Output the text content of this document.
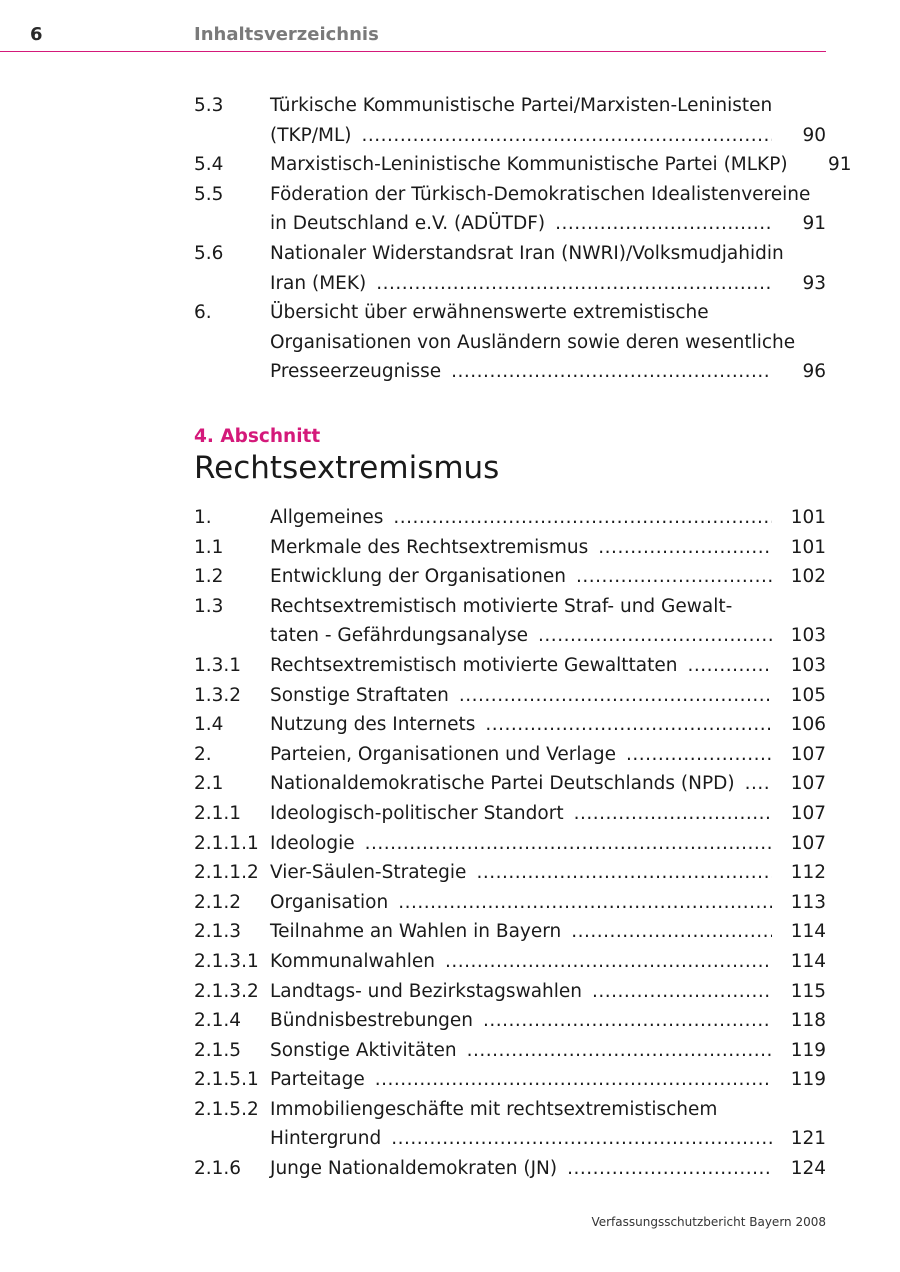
6	Inhaltsverzeichnis
5.3	Türkische Kommunistische Partei/Marxisten-Leninisten
(TKP/ML) .....	90
5.4	Marxistisch-Leninistische Kommunistische Partei (MLKP)	91
5.5	Föderation der Türkisch-Demokratischen Idealistenvereine
in Deutschland e.V. (ADÜTDF) .....	91
5.6	Nationaler Widerstandsrat Iran (NWRI)/Volksmudjahidin
Iran (MEK) .....	93
6.	Übersicht über erwähnenswerte extremistische
Organisationen von Ausländern sowie deren wesentliche
Presseerzeugnisse .....	96
4. Abschnitt
Rechtsextremismus
1.	Allgemeines .....	101
1.1	Merkmale des Rechtsextremismus .....	101
1.2	Entwicklung der Organisationen .....	102
1.3	Rechtsextremistisch motivierte Straf- und Gewalt-
taten - Gefährdungsanalyse .....	103
1.3.1	Rechtsextremistisch motivierte Gewalttaten .....	103
1.3.2	Sonstige Straftaten .....	105
1.4	Nutzung des Internets .....	106
2.	Parteien, Organisationen und Verlage .....	107
2.1	Nationaldemokratische Partei Deutschlands (NPD) .....	107
2.1.1	Ideologisch-politischer Standort .....	107
2.1.1.1 Ideologie .....	107
2.1.1.2 Vier-Säulen-Strategie .....	112
2.1.2	Organisation .....	113
2.1.3	Teilnahme an Wahlen in Bayern .....	114
2.1.3.1 Kommunalwahlen .....	114
2.1.3.2 Landtags- und Bezirkstagswahlen .....	115
2.1.4	Bündnisbestrebungen .....	118
2.1.5	Sonstige Aktivitäten .....	119
2.1.5.1 Parteitage .....	119
2.1.5.2 Immobiliengeschäfte mit rechtsextremistischem
Hintergrund .....	121
2.1.6	Junge Nationaldemokraten (JN) .....	124
Verfassungsschutzbericht Bayern 2008
